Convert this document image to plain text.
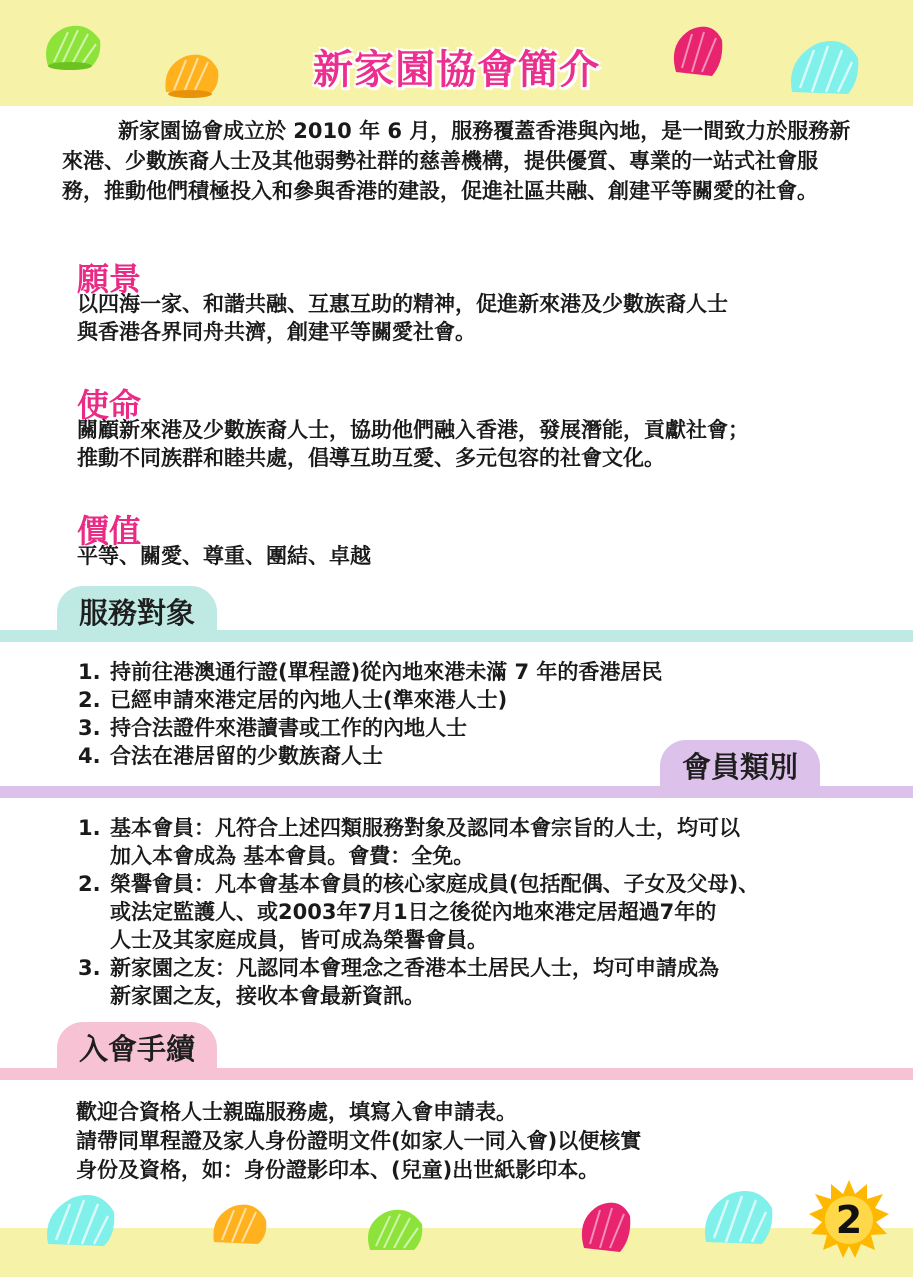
新家園協會簡介
新家園協會成立於 2010 年 6 月，服務覆蓋香港與內地，是一間致力於服務新來港、少數族裔人士及其他弱勢社群的慈善機構，提供優質、專業的一站式社會服務，推動他們積極投入和參與香港的建設，促進社區共融、創建平等關愛的社會。
願景
以四海一家、和諧共融、互惠互助的精神，促進新來港及少數族裔人士
與香港各界同舟共濟，創建平等關愛社會。
使命
關顧新來港及少數族裔人士，協助他們融入香港，發展潛能，貢獻社會；
推動不同族群和睦共處，倡導互助互愛、多元包容的社會文化。
價值
平等、關愛、尊重、團結、卓越
服務對象
1. 持前往港澳通行證(單程證)從內地來港未滿 7 年的香港居民
2. 已經申請來港定居的內地人士(準來港人士)
3. 持合法證件來港讀書或工作的內地人士
4. 合法在港居留的少數族裔人士	會員類別
1. 基本會員：凡符合上述四類服務對象及認同本會宗旨的人士，均可以
加入本會成為 基本會員。會費：全免。
2. 榮譽會員：凡本會基本會員的核心家庭成員(包括配偶、子女及父母)、
或法定監護人、或2003年7月1日之後從內地來港定居超過7年的
人士及其家庭成員，皆可成為榮譽會員。
3. 新家園之友：凡認同本會理念之香港本土居民人士，均可申請成為
新家園之友，接收本會最新資訊。
入會手續
歡迎合資格人士親臨服務處，填寫入會申請表。
請帶同單程證及家人身份證明文件(如家人一同入會)以便核實
身份及資格，如：身份證影印本、(兒童)出世紙影印本。
2
